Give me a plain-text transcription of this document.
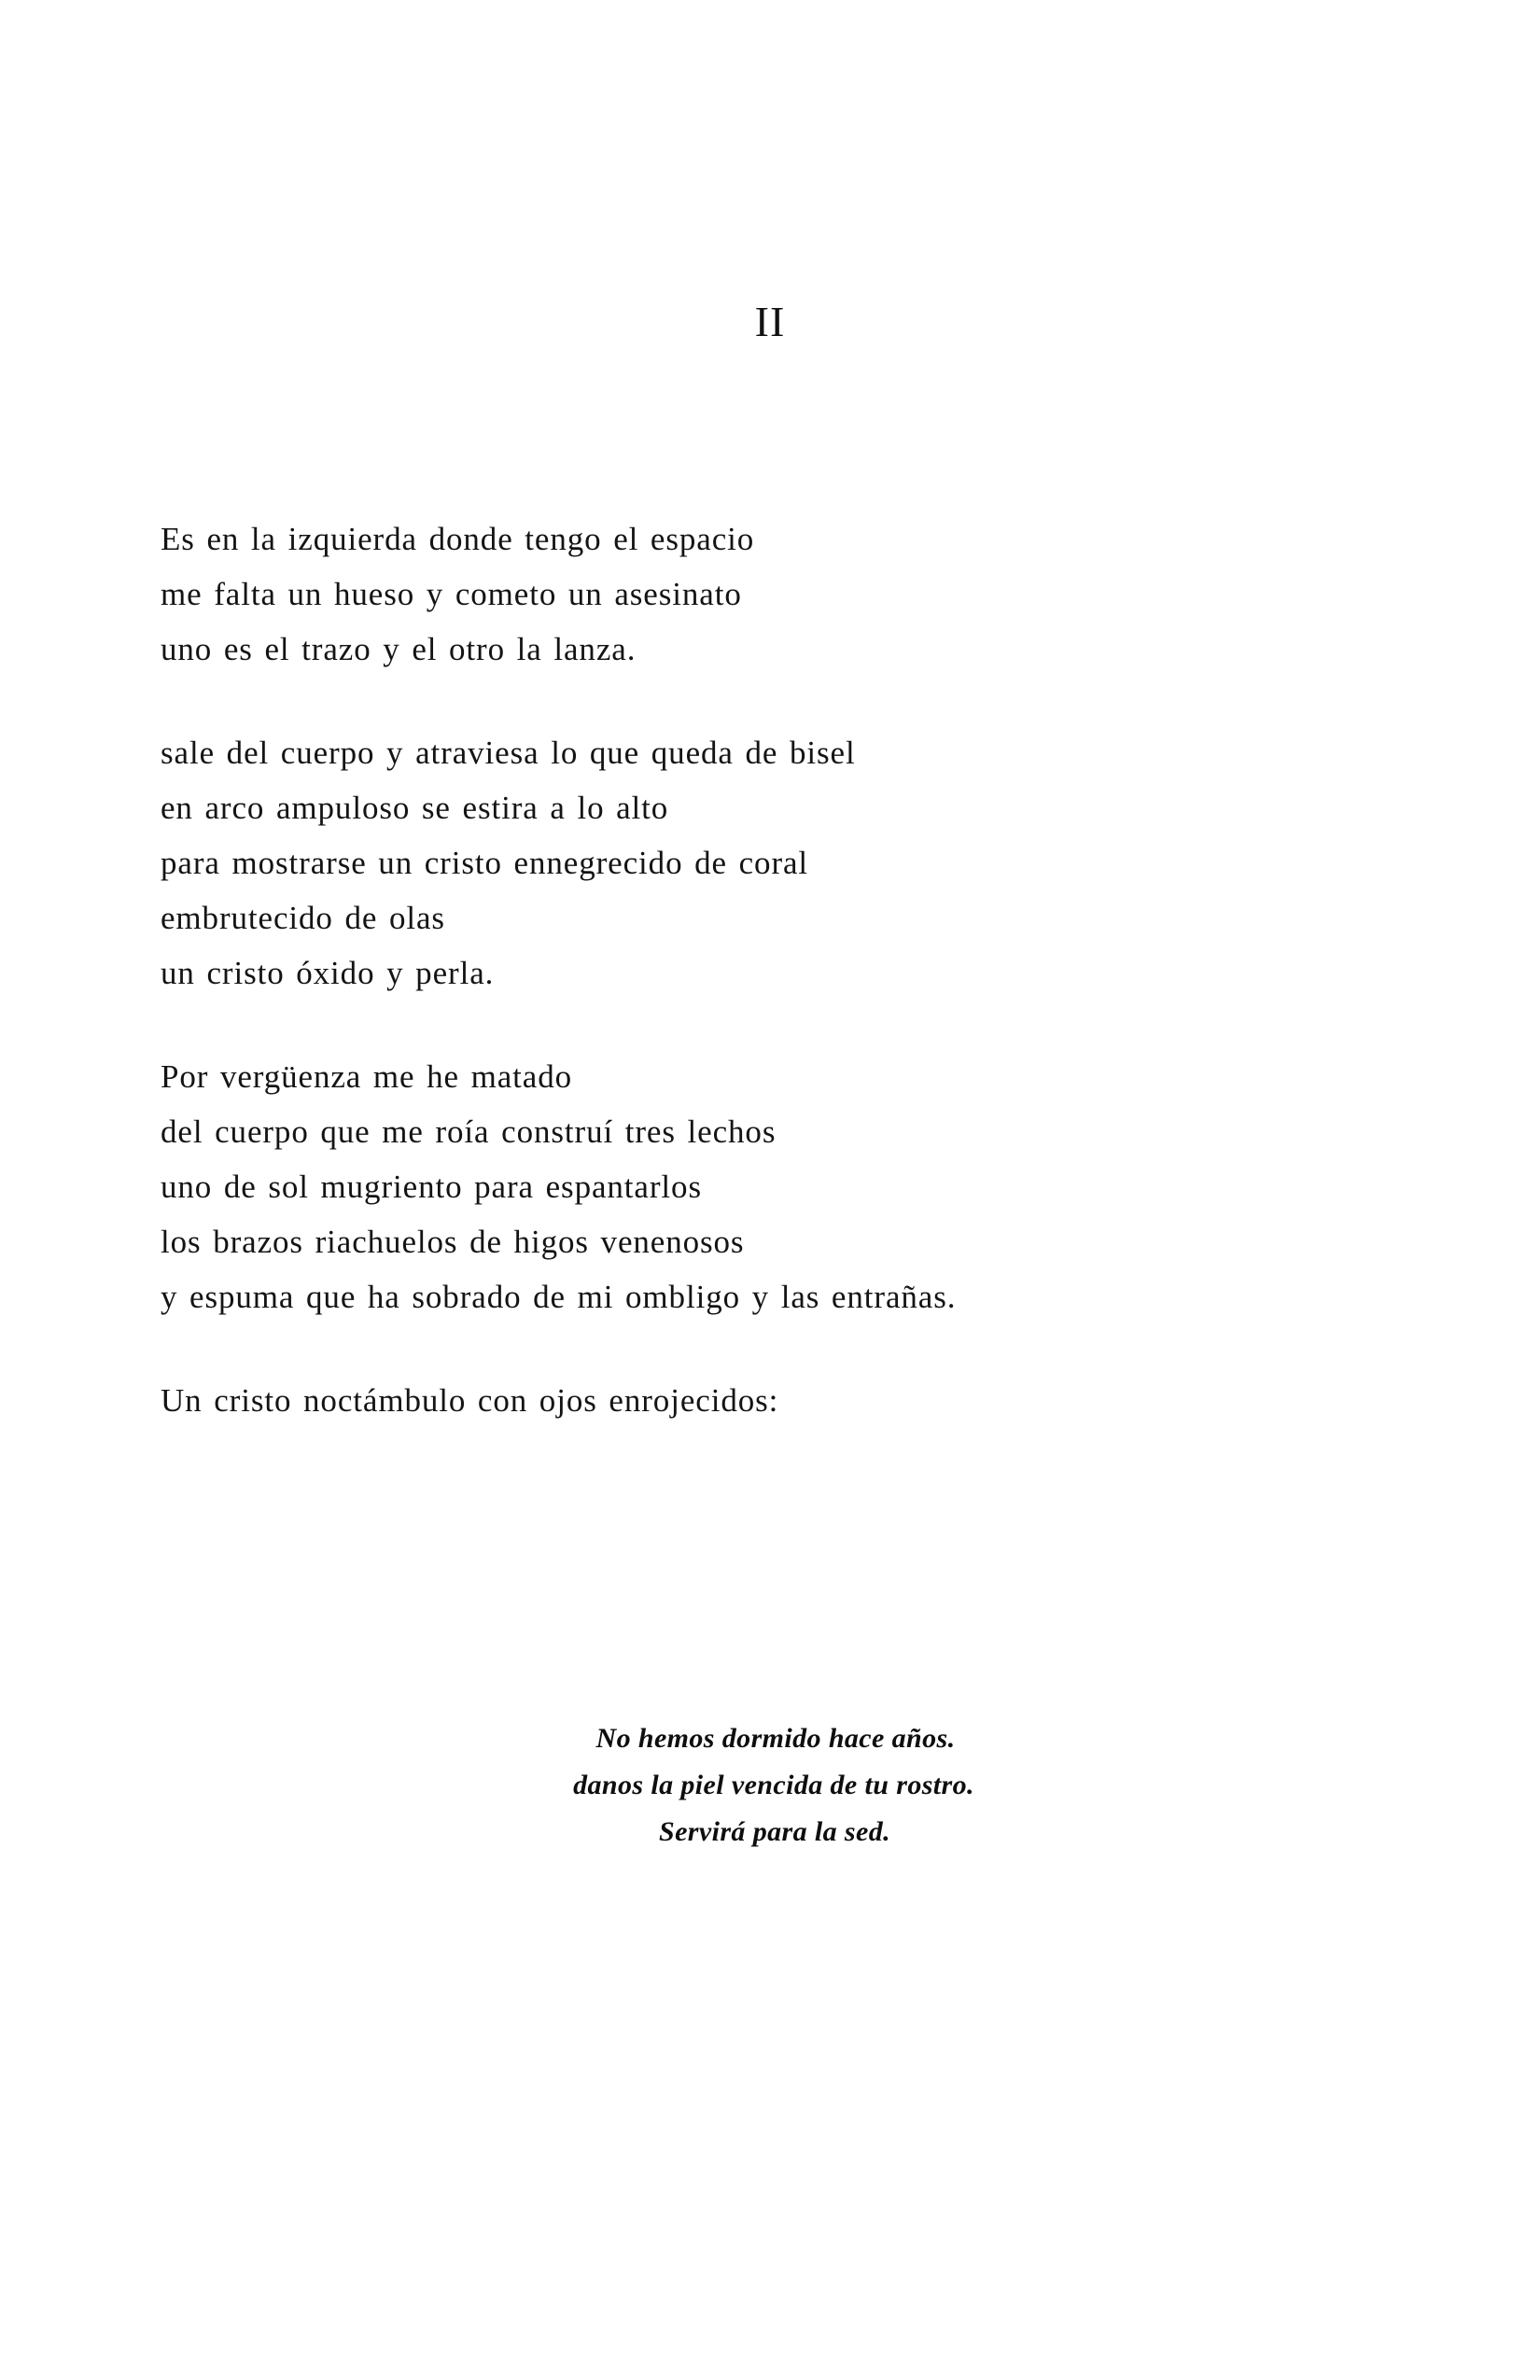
II
Es en la izquierda donde tengo el espacio
me falta un hueso y cometo un asesinato
uno es el trazo y el otro la lanza.
sale del cuerpo y atraviesa lo que queda de bisel
en arco ampuloso se estira a lo alto
para mostrarse un cristo ennegrecido de coral
embrutecido de olas
un cristo óxido y perla.
Por vergüenza me he matado
del cuerpo que me roía construí tres lechos
uno de sol mugriento para espantarlos
los brazos riachuelos de higos venenosos
y espuma que ha sobrado de mi ombligo y las entrañas.
Un cristo noctámbulo con ojos enrojecidos:
No hemos dormido hace años.
danos la piel vencida de tu rostro.
Servirá para la sed.
